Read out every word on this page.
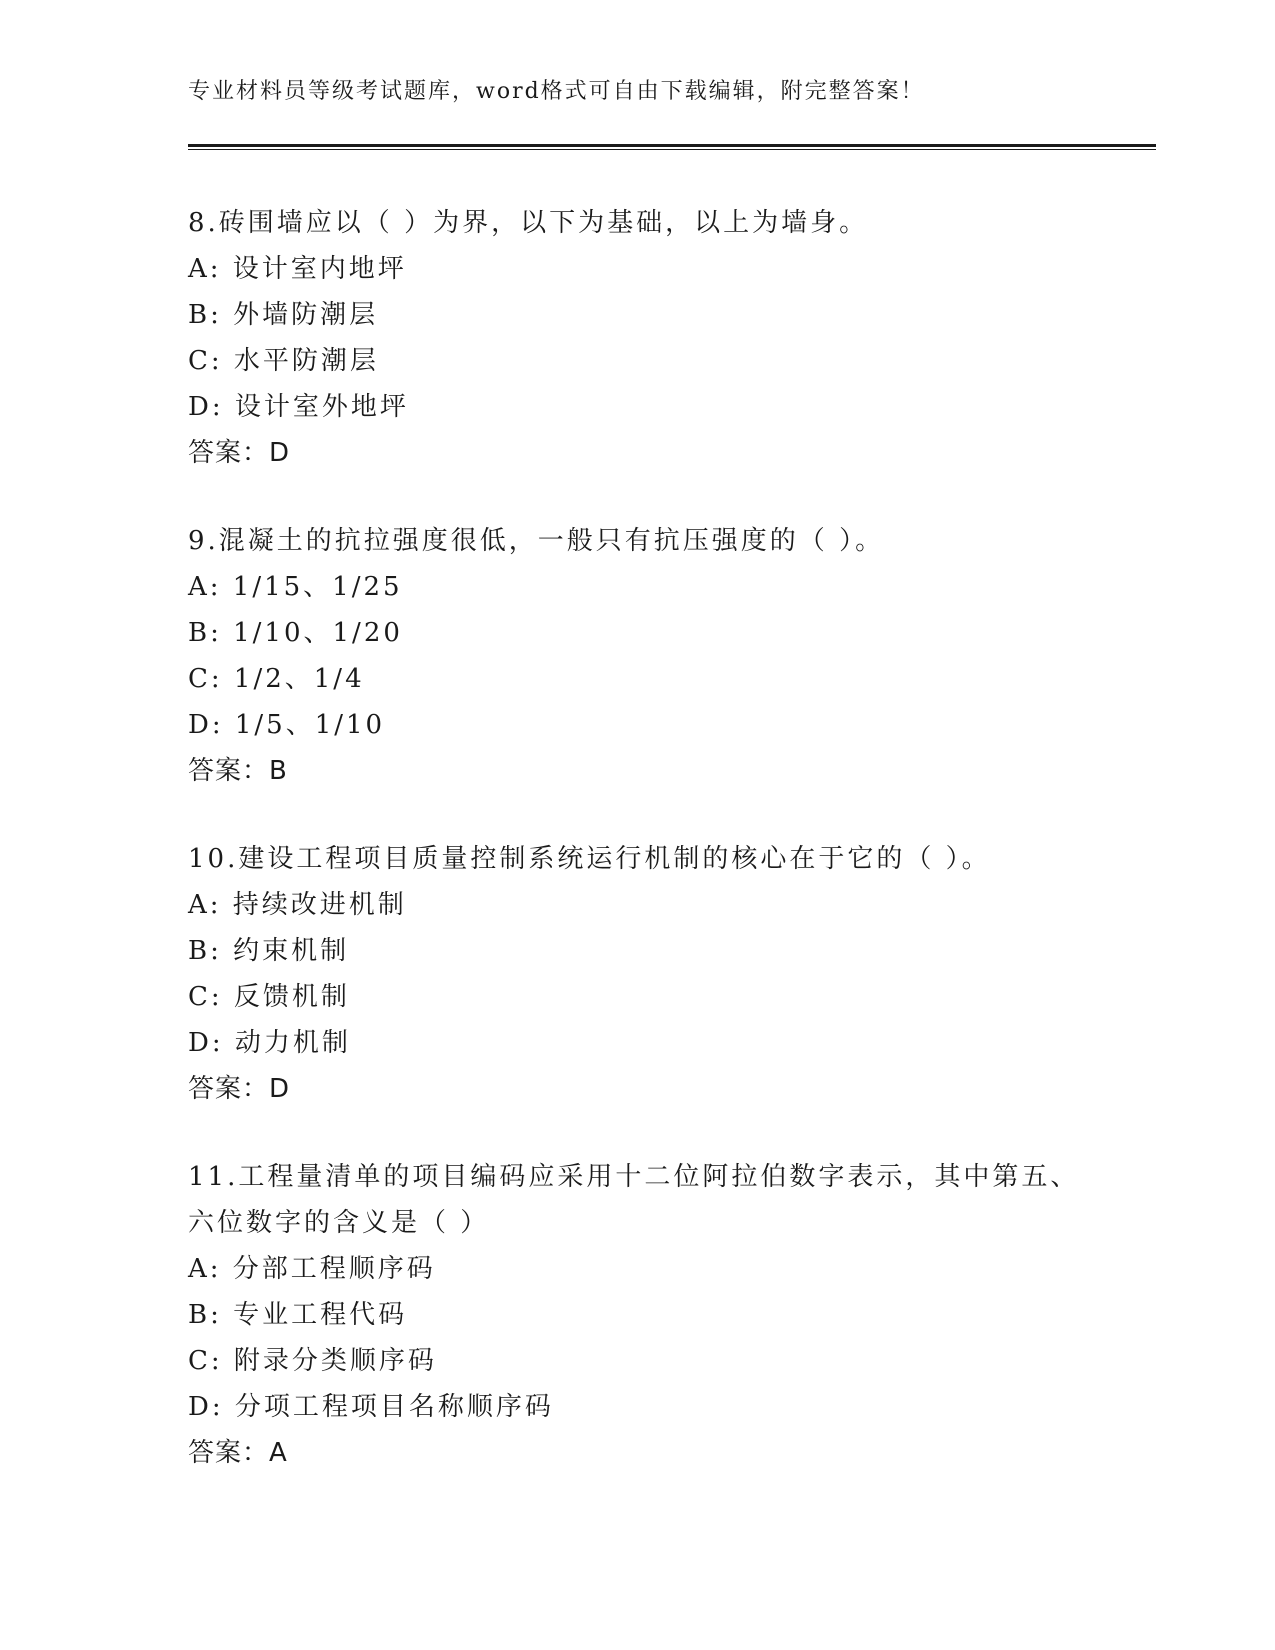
专业材料员等级考试题库，word格式可自由下载编辑，附完整答案！
8.砖围墙应以（ ）为界，以下为基础，以上为墙身。
A: 设计室内地坪
B: 外墙防潮层
C: 水平防潮层
D: 设计室外地坪
答案：D
9.混凝土的抗拉强度很低，一般只有抗压强度的（ ）。
A: 1/15、1/25
B: 1/10、1/20
C: 1/2、1/4
D: 1/5、1/10
答案：B
10.建设工程项目质量控制系统运行机制的核心在于它的（ ）。
A: 持续改进机制
B: 约束机制
C: 反馈机制
D: 动力机制
答案：D
11.工程量清单的项目编码应采用十二位阿拉伯数字表示，其中第五、
六位数字的含义是（ ）
A: 分部工程顺序码
B: 专业工程代码
C: 附录分类顺序码
D: 分项工程项目名称顺序码
答案：A
